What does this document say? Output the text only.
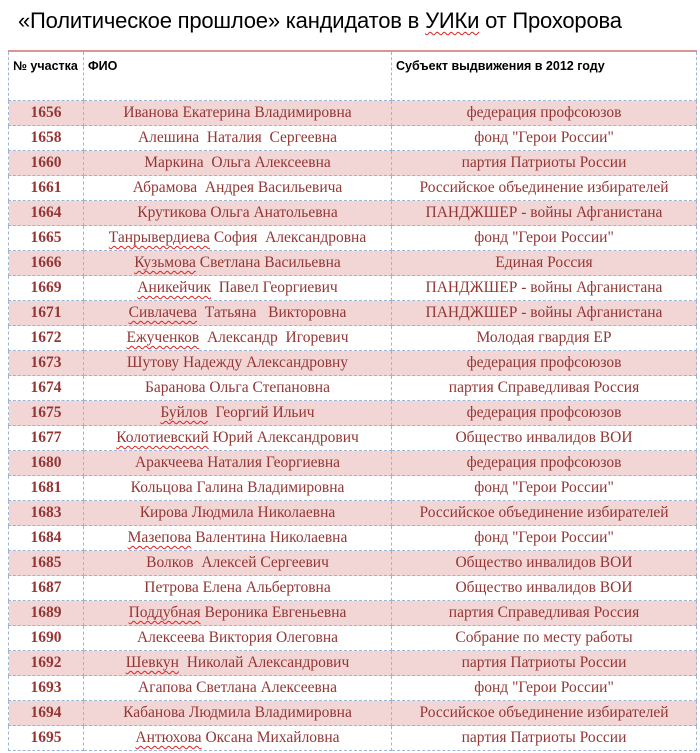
«Политическое прошлое» кандидатов в УИКи от Прохорова
№ участка	ФИО	Субъект выдвижения в 2012 году
1656	Иванова Екатерина Владимировна	федерация профсоюзов
1658	Алешина  Наталия  Сергеевна	фонд "Герои России"
1660	Маркина  Ольга Алексеевна	партия Патриоты России
1661	Абрамова  Андрея Васильевича	Российское объединение избирателей
1664	Крутикова Ольга Анатольевна	ПАНДЖШЕР - войны Афганистана
1665	Танрывердиева София  Александровна	фонд "Герои России"
1666	Кузьмова Светлана Васильевна	Единая Россия
1669	Аникейчик  Павел Георгиевич	ПАНДЖШЕР - войны Афганистана
1671	Сивлачева  Татьяна   Викторовна	ПАНДЖШЕР - войны Афганистана
1672	Ежученков  Александр  Игоревич	Молодая гвардия ЕР
1673	Шутову Надежду Александровну	федерация профсоюзов
1674	Баранова Ольга Степановна	партия Справедливая Россия
1675	Буйлов  Георгий Ильич	федерация профсоюзов
1677	Колотиевский Юрий Александрович	Общество инвалидов ВОИ
1680	Аракчеева Наталия Георгиевна	федерация профсоюзов
1681	Кольцова Галина Владимировна	фонд "Герои России"
1683	Кирова Людмила Николаевна	Российское объединение избирателей
1684	Мазепова Валентина Николаевна	фонд "Герои России"
1685	Волков  Алексей Сергеевич	Общество инвалидов ВОИ
1687	Петрова Елена Альбертовна	Общество инвалидов ВОИ
1689	Поддубная Вероника Евгеньевна	партия Справедливая Россия
1690	Алексеева Виктория Олеговна	Собрание по месту работы
1692	Шевкун  Николай Александрович	партия Патриоты России
1693	Агапова Светлана Алексеевна	фонд "Герои России"
1694	Кабанова Людмила Владимировна	Российское объединение избирателей
1695	Антюхова Оксана Михайловна	партия Патриоты России
